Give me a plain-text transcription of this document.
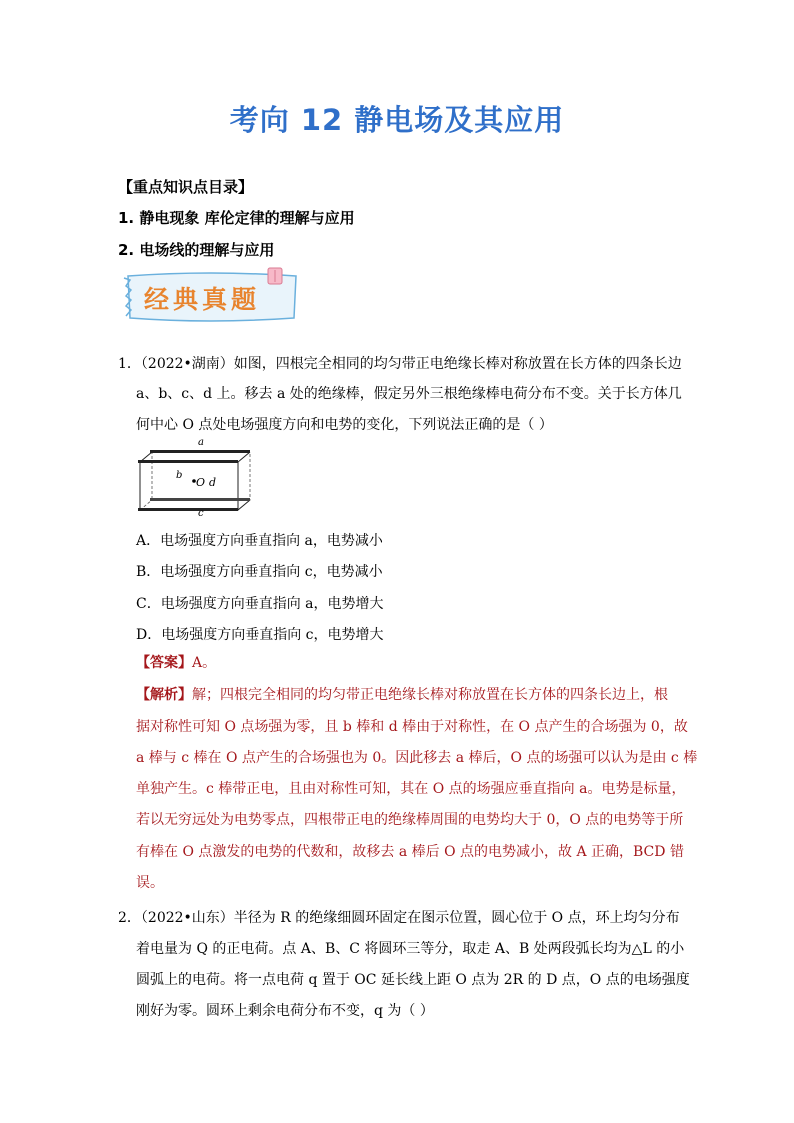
考向 12 静电场及其应用
【重点知识点目录】
1. 静电现象 库伦定律的理解与应用
2. 电场线的理解与应用
经典真题
1．（2022•湖南）如图，四根完全相同的均匀带正电绝缘长棒对称放置在长方体的四条长边
a、b、c、d 上。移去 a 处的绝缘棒，假定另外三根绝缘棒电荷分布不变。关于长方体几
何中心 O 点处电场强度方向和电势的变化，下列说法正确的是（ ）
a
b
O d
c
A．电场强度方向垂直指向 a，电势减小
B．电场强度方向垂直指向 c，电势减小
C．电场强度方向垂直指向 a，电势增大
D．电场强度方向垂直指向 c，电势增大
【答案】A。
【解析】解；四根完全相同的均匀带正电绝缘长棒对称放置在长方体的四条长边上，根
据对称性可知 O 点场强为零，且 b 棒和 d 棒由于对称性，在 O 点产生的合场强为 0，故
a 棒与 c 棒在 O 点产生的合场强也为 0。因此移去 a 棒后，O 点的场强可以认为是由 c 棒
单独产生。c 棒带正电，且由对称性可知，其在 O 点的场强应垂直指向 a。电势是标量，
若以无穷远处为电势零点，四根带正电的绝缘棒周围的电势均大于 0，O 点的电势等于所
有棒在 O 点激发的电势的代数和，故移去 a 棒后 O 点的电势减小，故 A 正确，BCD 错
误。
2．（2022•山东）半径为 R 的绝缘细圆环固定在图示位置，圆心位于 O 点，环上均匀分布
着电量为 Q 的正电荷。点 A、B、C 将圆环三等分，取走 A、B 处两段弧长均为△L 的小
圆弧上的电荷。将一点电荷 q 置于 OC 延长线上距 O 点为 2R 的 D 点，O 点的电场强度
刚好为零。圆环上剩余电荷分布不变，q 为（ ）
